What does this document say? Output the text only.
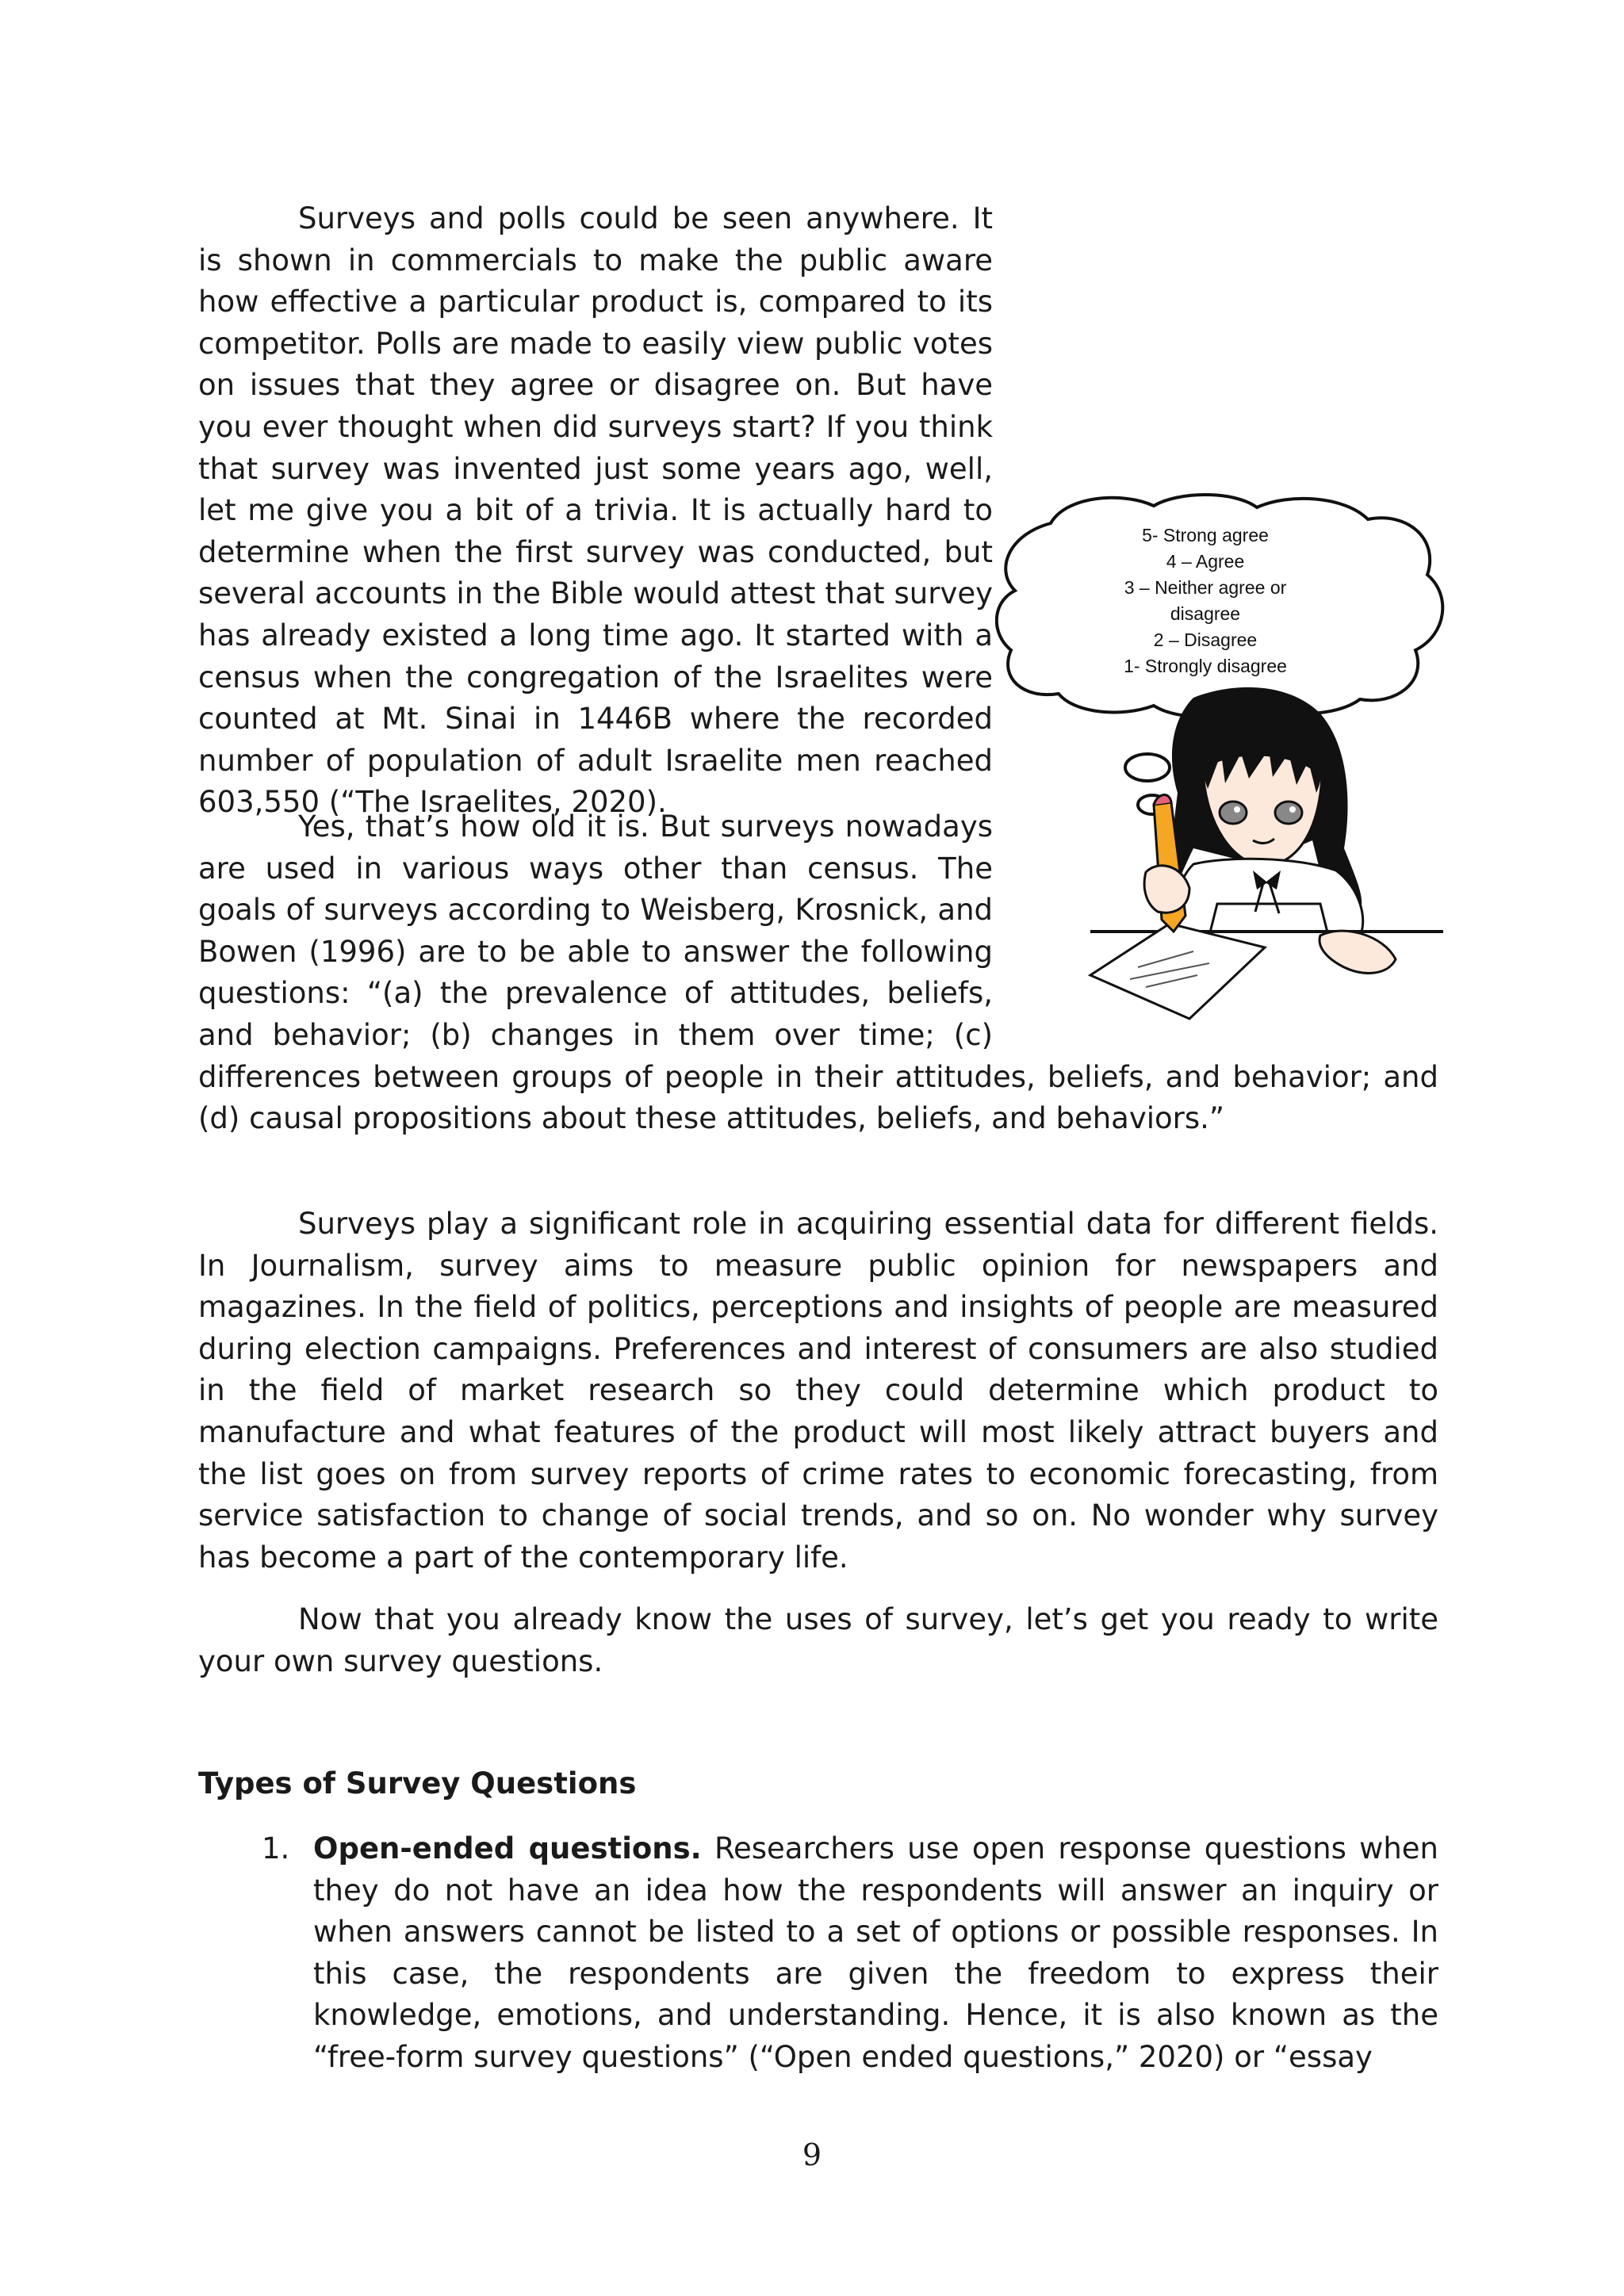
Surveys and polls could be seen anywhere. It is shown in commercials to make the public aware how effective a particular product is, compared to its competitor. Polls are made to easily view public votes on issues that they agree or disagree on. But have you ever thought when did surveys start? If you think that survey was invented just some years ago, well, let me give you a bit of a trivia. It is actually hard to determine when the first survey was conducted, but several accounts in the Bible would attest that survey has already existed a long time ago. It started with a census when the congregation of the Israelites were counted at Mt. Sinai in 1446B where the recorded number of population of adult Israelite men reached 603,550 (“The Israelites, 2020).

Yes, that’s how old it is. But surveys nowadays are used in various ways other than census. The goals of surveys according to Weisberg, Krosnick, and Bowen (1996) are to be able to answer the following questions: “(a) the prevalence of attitudes, beliefs, and behavior; (b) changes in them over time; (c) differences between groups of people in their attitudes, beliefs, and behavior; and (d) causal propositions about these attitudes, beliefs, and behaviors.”

Surveys play a significant role in acquiring essential data for different fields. In Journalism, survey aims to measure public opinion for newspapers and magazines. In the field of politics, perceptions and insights of people are measured during election campaigns. Preferences and interest of consumers are also studied in the field of market research so they could determine which product to manufacture and what features of the product will most likely attract buyers and the list goes on from survey reports of crime rates to economic forecasting, from service satisfaction to change of social trends, and so on. No wonder why survey has become a part of the contemporary life.

Now that you already know the uses of survey, let’s get you ready to write your own survey questions.

5- Strong agree
4 – Agree
3 – Neither agree or
disagree
2 – Disagree
1- Strongly disagree
Types of Survey Questions
1. Open-ended questions. Researchers use open response questions when they do not have an idea how the respondents will answer an inquiry or when answers cannot be listed to a set of options or possible responses. In this case, the respondents are given the freedom to express their knowledge, emotions, and understanding. Hence, it is also known as the “free-form survey questions” (“Open ended questions,” 2020) or “essay

9
